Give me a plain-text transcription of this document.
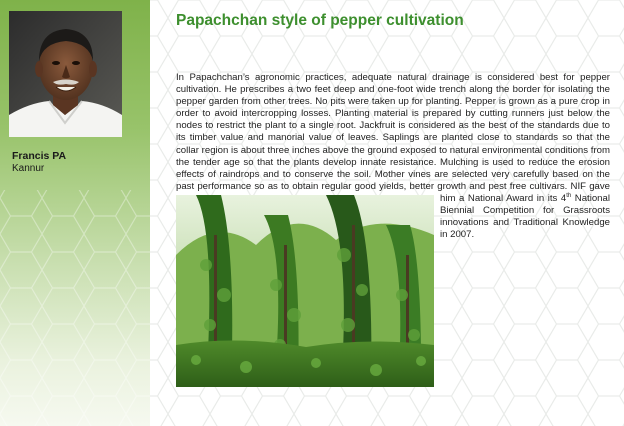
Francis PA
Kannur
Papachchan style of pepper cultivation
In Papachchan’s agronomic practices, adequate natural drainage is considered best for pepper cultivation. He prescribes a two feet deep and one-foot wide trench along the border for isolating the pepper garden from other trees. No pits were taken up for planting. Pepper is grown as a pure crop in order to avoid intercropping losses. Planting material is prepared by cutting runners just below the nodes to restrict the plant to a single root. Jackfruit is considered as the best of the standards due to its timber value and manorial value of leaves. Saplings are planted close to standards so that the collar region is about three inches above the ground exposed to natural environmental conditions from the tender age so that the plants develop innate resistance. Mulching is used to reduce the erosion effects of raindrops and to conserve the soil. Mother vines are selected very carefully based on the past performance so as to obtain regular good yields, better growth and pest free cultivars. NIF gave him a National Award in its 4th National Biennial Competition for Grassroots innovations and Traditional Knowledge in 2007.
